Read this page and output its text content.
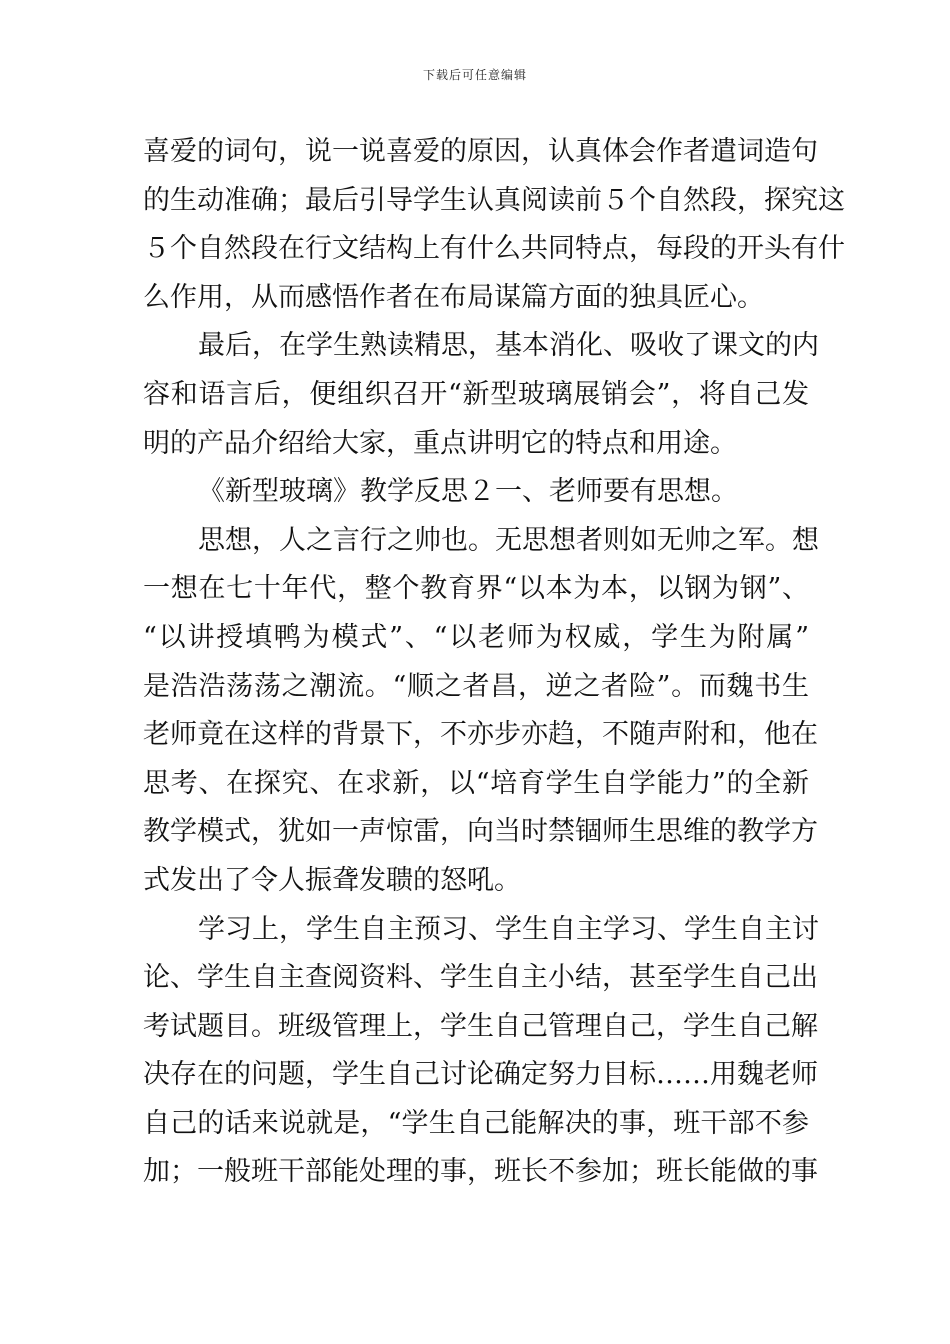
下载后可任意编辑
喜爱的词句，说一说喜爱的原因，认真体会作者遣词造句
的生动准确；最后引导学生认真阅读前５个自然段，探究这
５个自然段在行文结构上有什么共同特点，每段的开头有什
么作用，从而感悟作者在布局谋篇方面的独具匠心。
最后，在学生熟读精思，基本消化、吸收了课文的内
容和语言后，便组织召开“新型玻璃展销会”，将自己发
明的产品介绍给大家，重点讲明它的特点和用途。
《新型玻璃》教学反思２一、老师要有思想。
思想，人之言行之帅也。无思想者则如无帅之军。想
一想在七十年代，整个教育界“以本为本，以钢为钢”、
“以讲授填鸭为模式”、“以老师为权威，学生为附属”
是浩浩荡荡之潮流。“顺之者昌，逆之者险”。而魏书生
老师竟在这样的背景下，不亦步亦趋，不随声附和，他在
思考、在探究、在求新，以“培育学生自学能力”的全新
教学模式，犹如一声惊雷，向当时禁锢师生思维的教学方
式发出了令人振聋发聩的怒吼。
学习上，学生自主预习、学生自主学习、学生自主讨
论、学生自主查阅资料、学生自主小结，甚至学生自己出
考试题目。班级管理上，学生自己管理自己，学生自己解
决存在的问题，学生自己讨论确定努力目标……用魏老师
自己的话来说就是，“学生自己能解决的事，班干部不参
加；一般班干部能处理的事，班长不参加；班长能做的事
